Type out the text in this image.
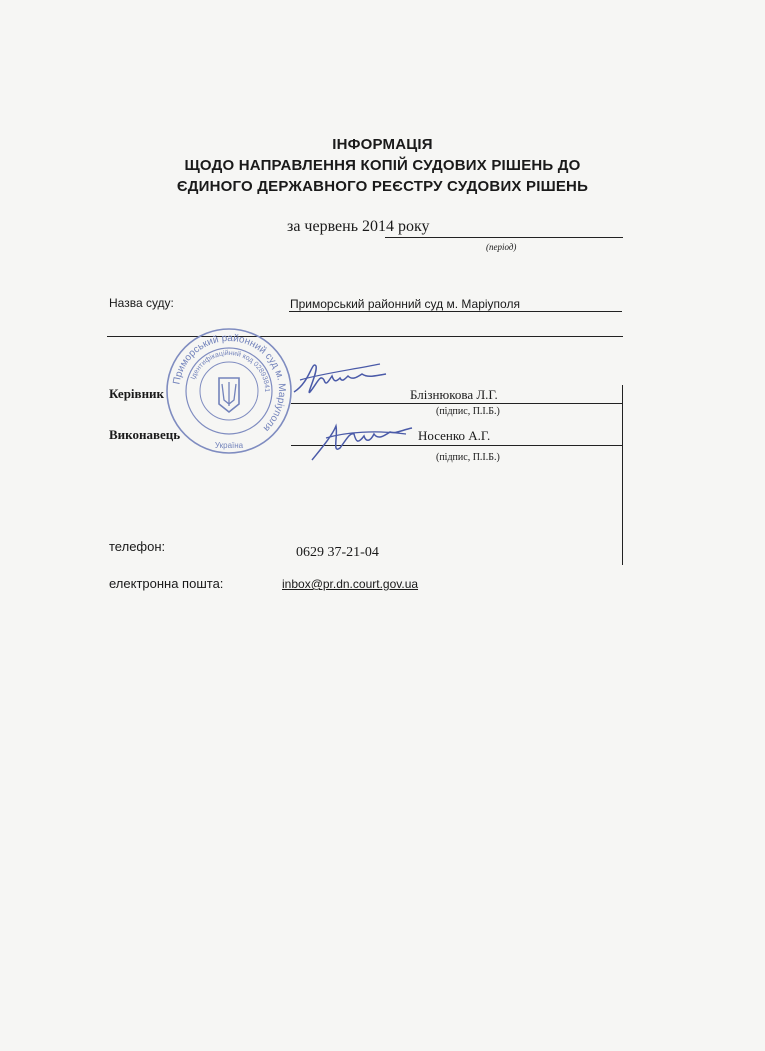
ІНФОРМАЦІЯ
ЩОДО НАПРАВЛЕННЯ КОПІЙ СУДОВИХ РІШЕНЬ ДО
ЄДИНОГО ДЕРЖАВНОГО РЕЄСТРУ СУДОВИХ РІШЕНЬ
за червень 2014 року
(період)
Назва суду:	Приморський районний суд м. Маріуполя
Приморський районний суд м. Маріуполя
Ідентифікаційний код 02893841
Україна
Керівник	Блізнюкова Л.Г.
(підпис, П.І.Б.)
Виконавець	Носенко А.Г.
(підпис, П.І.Б.)
телефон:	0629 37-21-04
електронна пошта:	inbox@pr.dn.court.gov.ua
